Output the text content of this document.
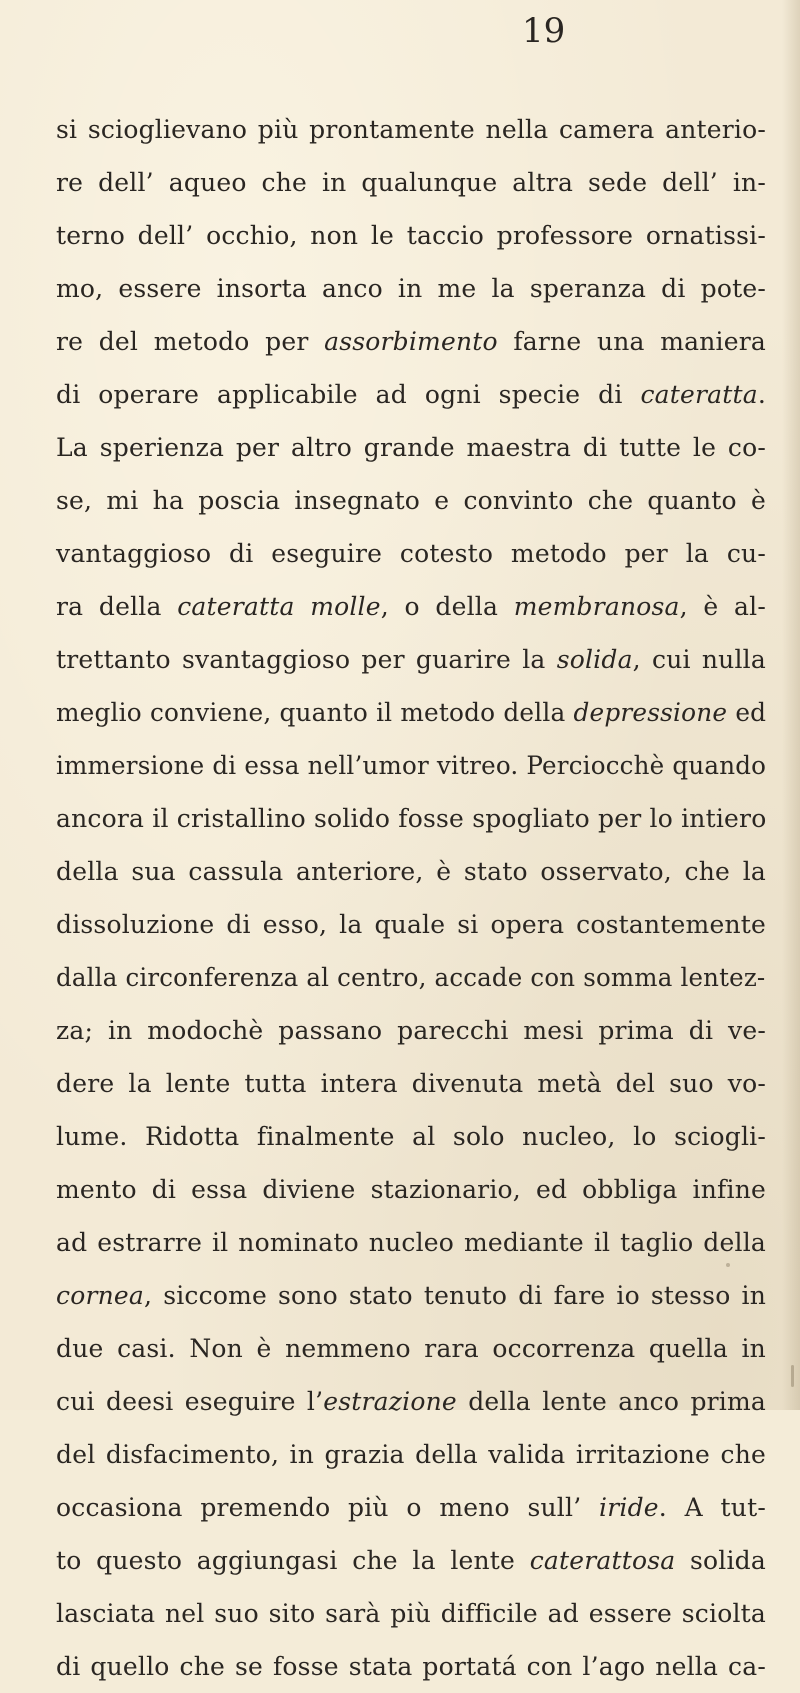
19
si sciogli​evano più prontamente nella camera anterio-
re dell’ aqueo che in qualunque altra sede dell’ in-
terno dell’ occhio, non le taccio professore ornatissi-
mo, essere insorta anco in me la speranza di pote-
re del metodo per assorbimento farne una maniera
di operare applicabile ad ogni specie di cateratta.
La sperienza per altro grande maestra di tutte le co-
se, mi ha poscia insegnato e convinto che quanto è
vantaggioso di eseguire cotesto metodo per la cu-
ra della cateratta molle, o della membranosa, è al-
trettanto svantaggioso per guarire la solida, cui nulla
meglio conviene, quanto il metodo della depressione ed
immersione di essa nell’umor vitreo. Perciocchè quando
ancora il cristallino solido fosse spogliato per lo intiero
della sua cassula anteriore, è stato osservato, che la
dissoluzione di esso, la quale si opera costantemente
dalla circonferenza al centro, accade con somma lentez-
za; in modochè passano parecchi mesi prima di ve-
dere la lente tutta intera divenuta metà del suo vo-
lume. Ridotta finalmente al solo nucleo, lo sciogli-
mento di essa diviene stazionario, ed obbliga infine
ad estrarre il nominato nucleo mediante il taglio della
cornea, siccome sono stato tenuto di fare io stesso in
due casi. Non è nemmeno rara occorrenza quella in
cui deesi eseguire l’estrazione della lente anco prima
del disfacimento, in grazia della valida irritazione che
occasiona premendo più o meno sull’ iride. A tut-
to questo aggiungasi che la lente caterattosa solida
lasciata nel suo sito sarà più difficile ad essere sciolta
di quello che se fosse stata portatá con l’ago nella ca-
